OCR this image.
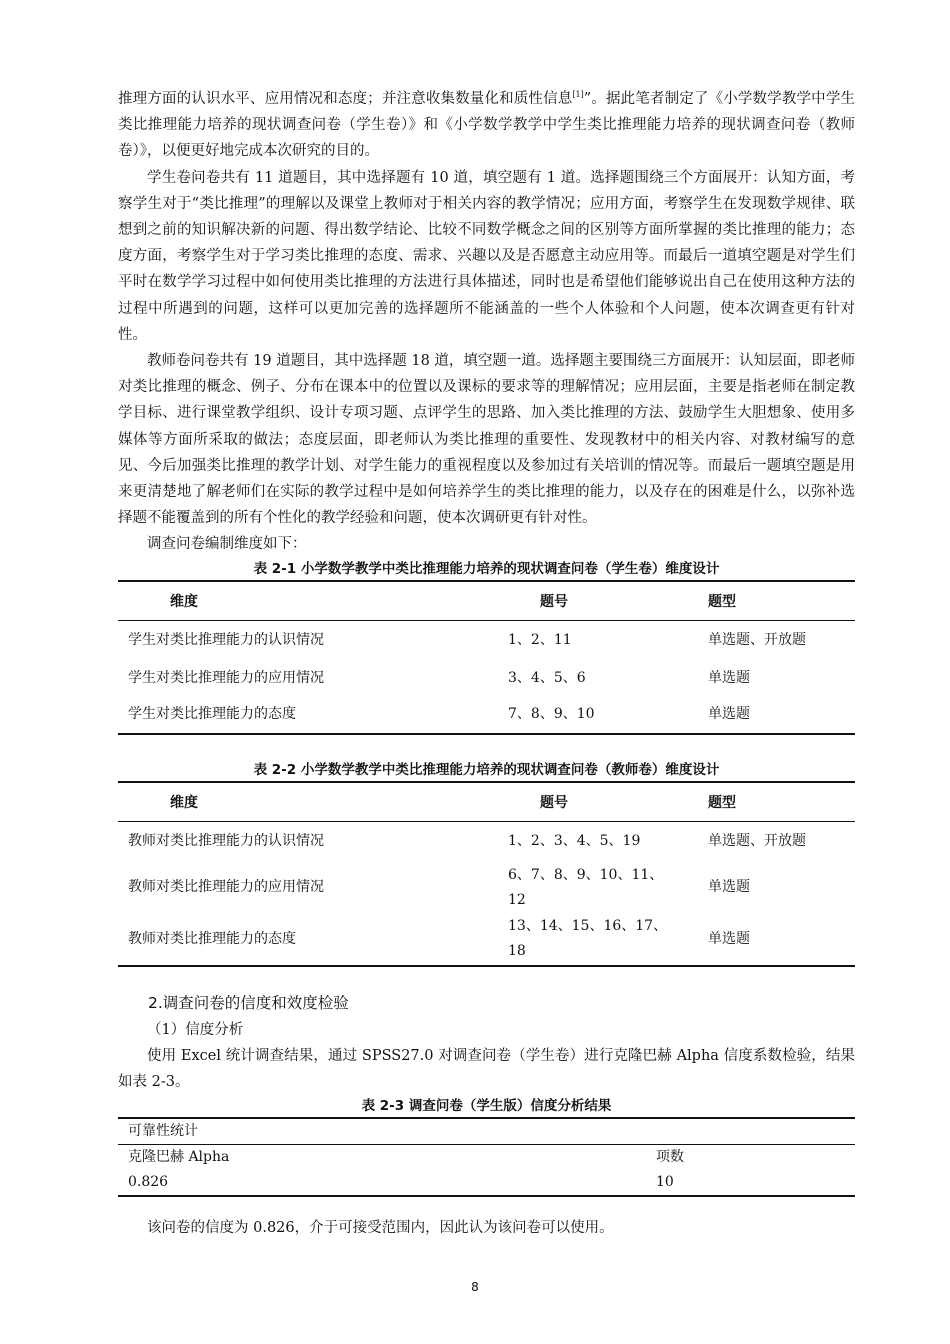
推理方面的认识水平、应用情况和态度；并注意收集数量化和质性信息[1]”。据此笔者制定了《小学数学教学中学生类比推理能力培养的现状调查问卷（学生卷）》和《小学数学教学中学生类比推理能力培养的现状调查问卷（教师卷）》，以便更好地完成本次研究的目的。

学生卷问卷共有 11 道题目，其中选择题有 10 道，填空题有 1 道。选择题围绕三个方面展开：认知方面，考察学生对于“类比推理”的理解以及课堂上教师对于相关内容的教学情况；应用方面，考察学生在发现数学规律、联想到之前的知识解决新的问题、得出数学结论、比较不同数学概念之间的区别等方面所掌握的类比推理的能力；态度方面，考察学生对于学习类比推理的态度、需求、兴趣以及是否愿意主动应用等。而最后一道填空题是对学生们平时在数学学习过程中如何使用类比推理的方法进行具体描述，同时也是希望他们能够说出自己在使用这种方法的过程中所遇到的问题，这样可以更加完善的选择题所不能涵盖的一些个人体验和个人问题，使本次调查更有针对性。

教师卷问卷共有 19 道题目，其中选择题 18 道，填空题一道。选择题主要围绕三方面展开：认知层面，即老师对类比推理的概念、例子、分布在课本中的位置以及课标的要求等的理解情况；应用层面，主要是指老师在制定教学目标、进行课堂教学组织、设计专项习题、点评学生的思路、加入类比推理的方法、鼓励学生大胆想象、使用多媒体等方面所采取的做法；态度层面，即老师认为类比推理的重要性、发现教材中的相关内容、对教材编写的意见、今后加强类比推理的教学计划、对学生能力的重视程度以及参加过有关培训的情况等。而最后一题填空题是用来更清楚地了解老师们在实际的教学过程中是如何培养学生的类比推理的能力，以及存在的困难是什么，以弥补选择题不能覆盖到的所有个性化的教学经验和问题，使本次调研更有针对性。

调查问卷编制维度如下：

表 2-1 小学数学教学中类比推理能力培养的现状调查问卷（学生卷）维度设计

维度	题号	题型
学生对类比推理能力的认识情况	1、2、11	单选题、开放题
学生对类比推理能力的应用情况	3、4、5、6	单选题
学生对类比推理能力的态度	7、8、9、10	单选题

表 2-2 小学数学教学中类比推理能力培养的现状调查问卷（教师卷）维度设计

维度	题号	题型
教师对类比推理能力的认识情况	1、2、3、4、5、19	单选题、开放题
教师对类比推理能力的应用情况	6、7、8、9、10、11、12	单选题
教师对类比推理能力的态度	13、14、15、16、17、18	单选题

2.调查问卷的信度和效度检验

（1）信度分析

使用 Excel 统计调查结果，通过 SPSS27.0 对调查问卷（学生卷）进行克隆巴赫 Alpha 信度系数检验，结果如表 2-3。

表 2-3 调查问卷（学生版）信度分析结果

可靠性统计	
克隆巴赫 Alpha	项数
0.826	10

该问卷的信度为 0.826，介于可接受范围内，因此认为该问卷可以使用。

8
